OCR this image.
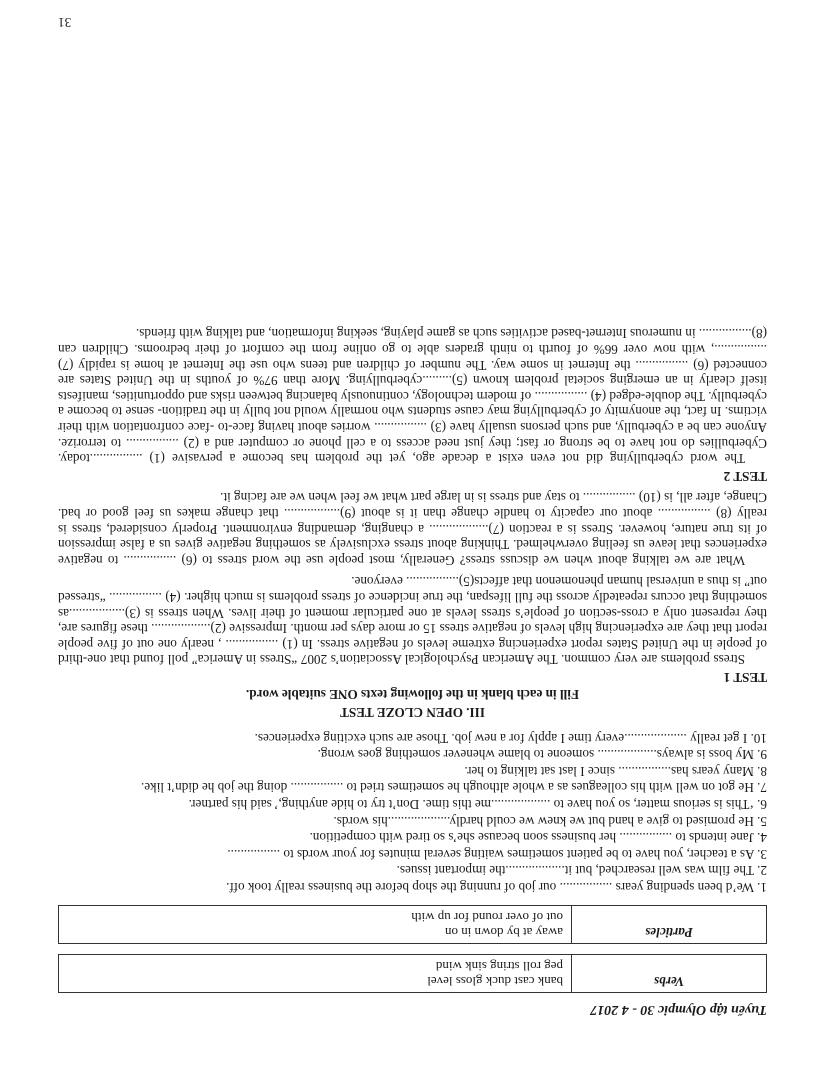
Tuyển tập Olympic 30 - 4 2017
Verbs	
bank cast duck gloss level
peg roll string sink wind
Particles	
away at by down in on
out of over round for up with
1. We’d been spending years ................ our job of running the shop before the business really took off.
2. The film was well researched, but it..................the important issues.
3. As a teacher, you have to be patient sometimes waiting several minutes for your words to ................
4. Jane intends to ................ her business soon because she’s so tired with competition.
5. He promised to give a hand but we knew we could hardly...................his words.
6. ‘This is serious matter, so you have to ..................me this time. Don’t try to hide anything,’ said his partner.
7. He got on well with his colleagues as a whole although he sometimes tried to ................ doing the job he didn’t like.
8. Many years has................ since I last sat talking to her.
9. My boss is always.................. someone to blame whenever something goes wrong.
10. I get really ...................every time I apply for a new job. Those are such exciting experiences.
III. OPEN CLOZE TEST
Fill in each blank in the following texts ONE suitable word.
TEST 1

Stress problems are very common. The American Psychological Association’s 2007 “Stress in America” poll found that one-third of people in the United States report experiencing extreme levels of negative stress. In (1) ................ , nearly one out of five people report that they are experiencing high levels of negative stress 15 or more days per month. Impressive (2).................. these figures are, they represent only a cross-section of people’s stress levels at one particular moment of their lives. When stress is (3).................as something that occurs repeatedly across the full lifespan, the true incidence of stress problems is much higher. (4) ................ “stressed out” is thus a universal human phenomenon that affects(5)................ everyone.

What are we talking about when we discuss stress? Generally, most people use the word stress to (6) ................ to negative experiences that leave us feeling overwhelmed. Thinking about stress exclusively as something negative gives us a false impression of its true nature, however. Stress is a reaction (7).................. a changing, demanding environment. Properly considered, stress is really (8) ................ about our capacity to handle change than it is about (9)................. that change makes us feel good or bad. Change, after all, is (10) ................ to stay and stress is in large part what we feel when we are facing it.

TEST 2

The word cyberbullying did not even exist a decade ago, yet the problem has become a pervasive (1) ................today. Cyberbullies do not have to be strong or fast; they just need access to a cell phone or computer and a (2) ................ to terrorize. Anyone can be a cyberbully, and such persons usually have (3) ................ worries about having face-to -face confrontation with their victims. In fact, the anonymity of cyberbullying may cause students who normally would not bully in the tradition- sense to become a cyberbully. The double-edged (4) ................ of modern technology, continuously balancing between risks and opportunities, manifests itself clearly in an emerging societal problem known (5).........cyberbullying. More than 97% of youths in the United States are connected (6) ................ the Internet in some way. The number of children and teens who use the Internet at home is rapidly (7) ................, with now over 66% of fourth to ninth graders able to go online from the comfort of their bedrooms. Children can (8)................ in numerous Internet-based activities such as game playing, seeking information, and talking with friends.

31
